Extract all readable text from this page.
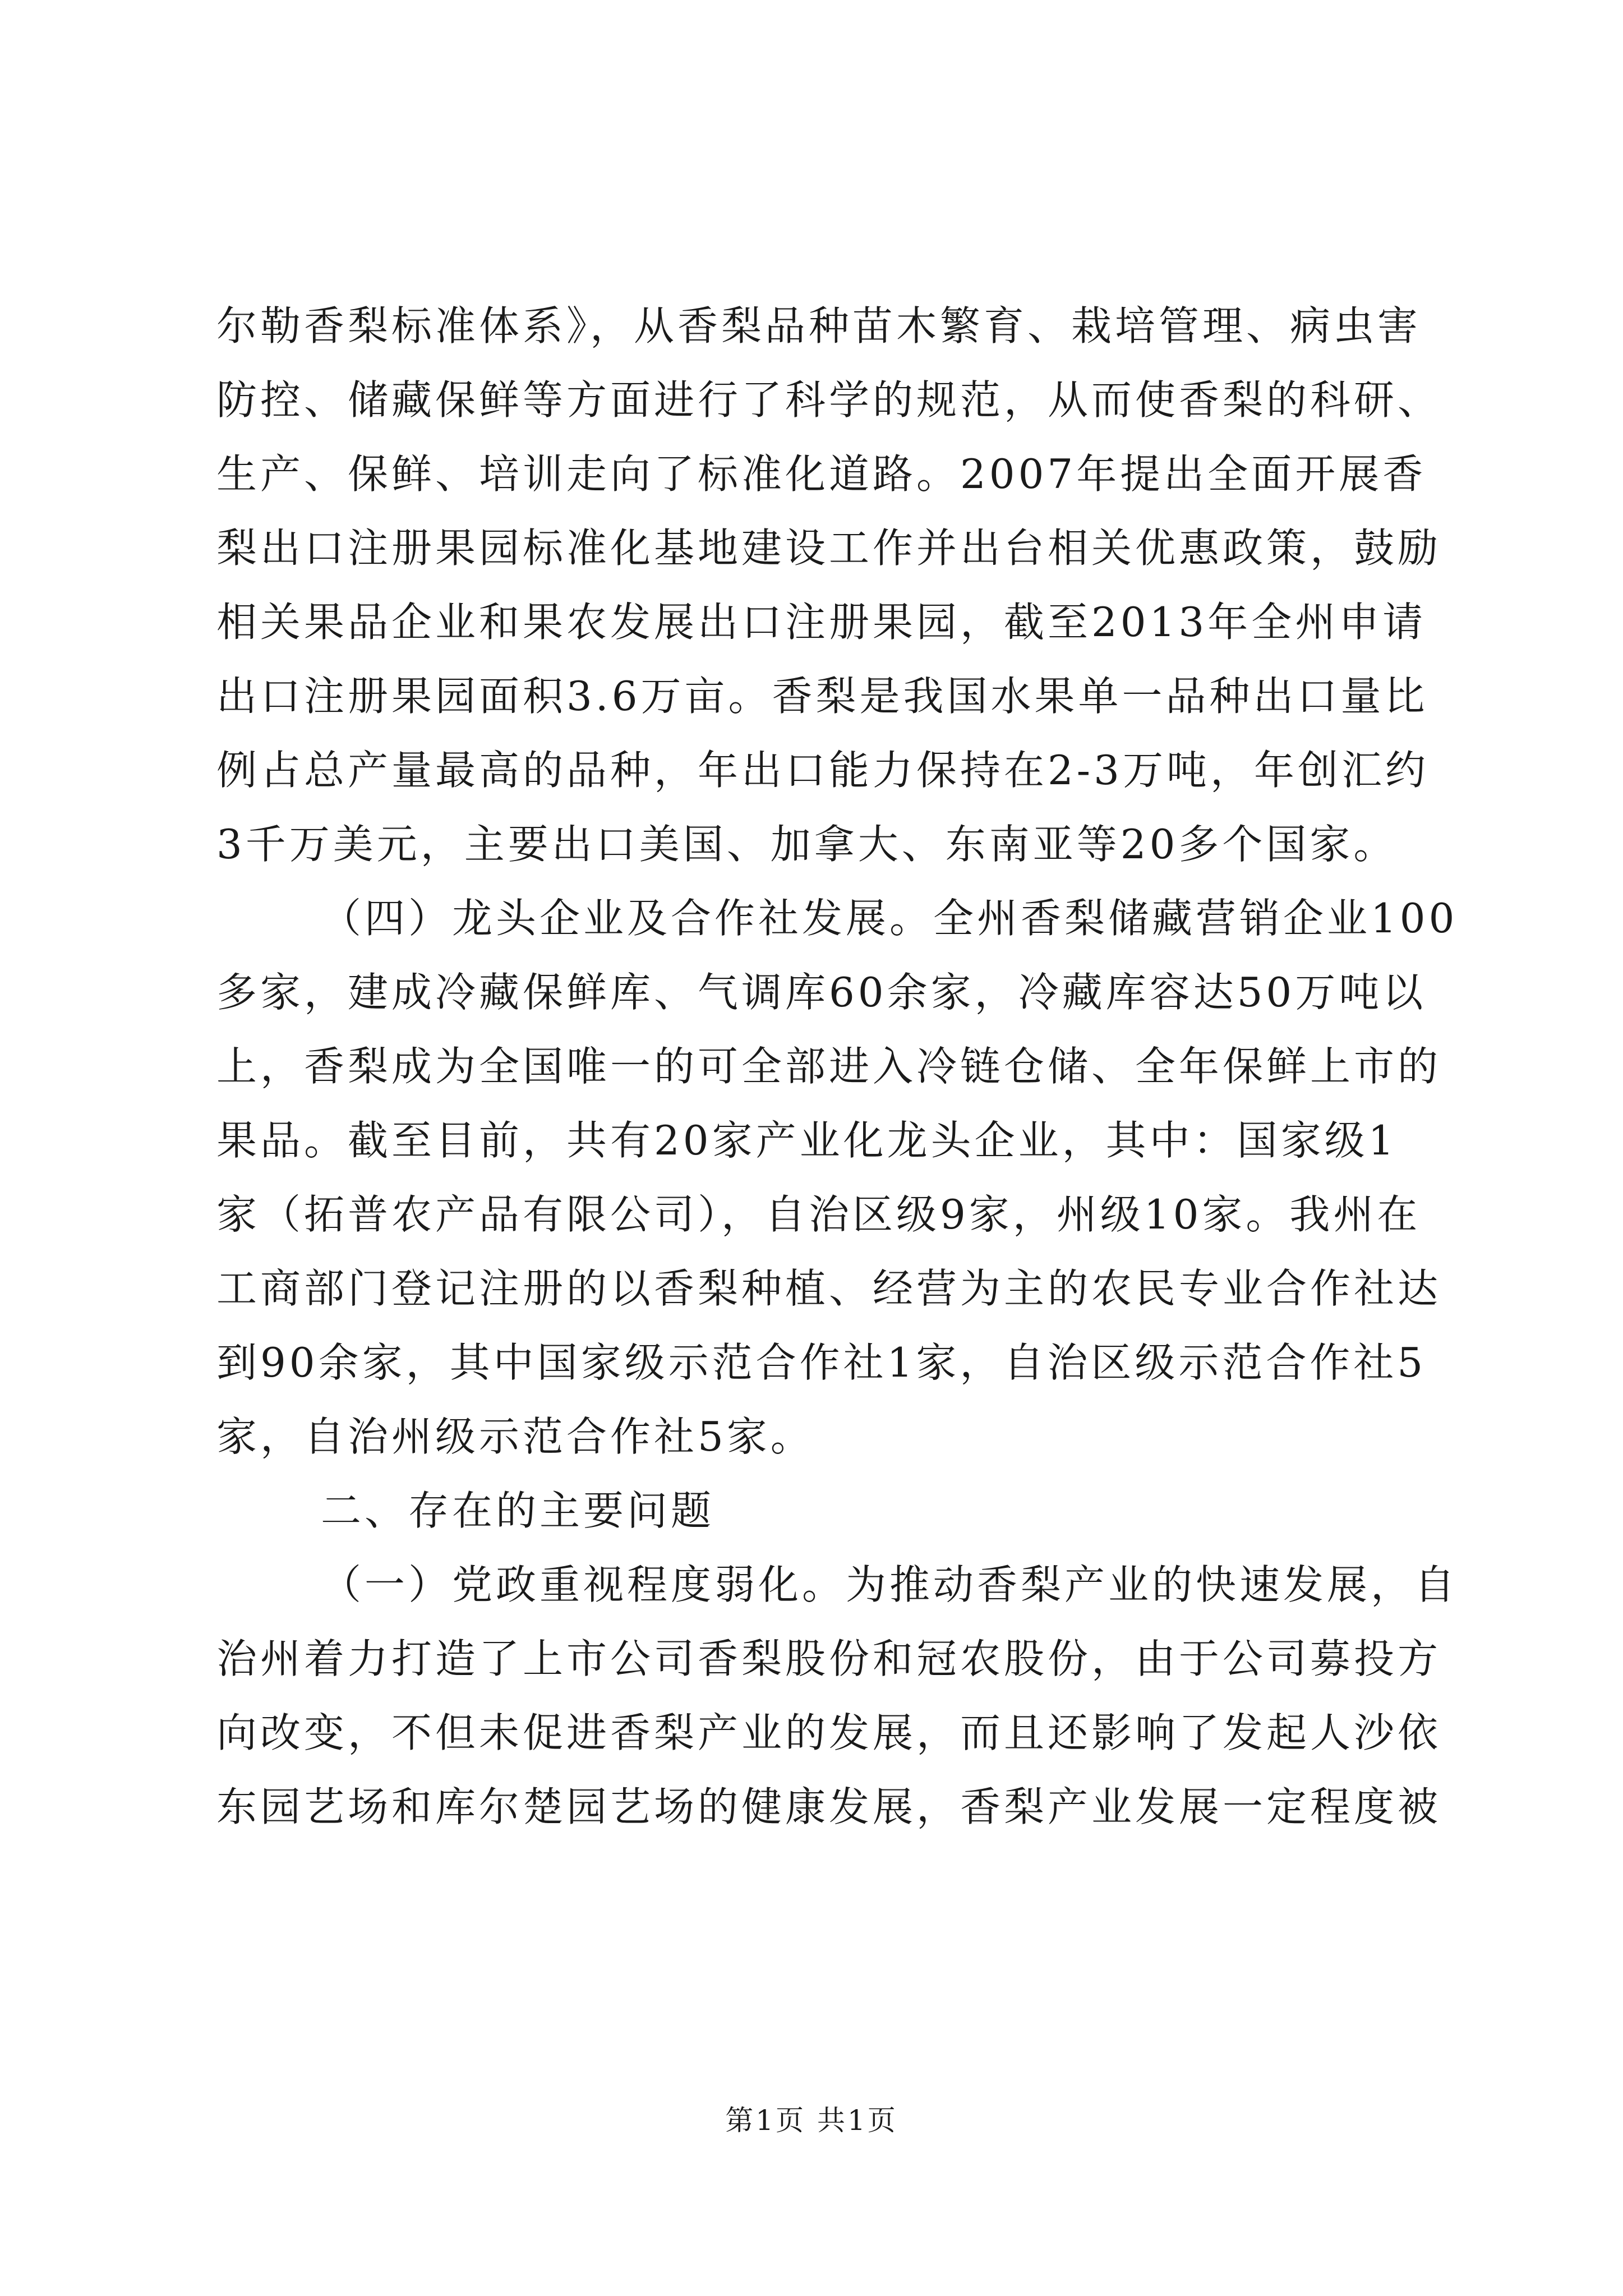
尔勒香梨标准体系》，从香梨品种苗木繁育、栽培管理、病虫害
防控、储藏保鲜等方面进行了科学的规范，从而使香梨的科研、
生产、保鲜、培训走向了标准化道路。2007年提出全面开展香
梨出口注册果园标准化基地建设工作并出台相关优惠政策，鼓励
相关果品企业和果农发展出口注册果园，截至2013年全州申请
出口注册果园面积3.6万亩。香梨是我国水果单一品种出口量比
例占总产量最高的品种，年出口能力保持在2-3万吨，年创汇约
3千万美元，主要出口美国、加拿大、东南亚等20多个国家。
（四）龙头企业及合作社发展。全州香梨储藏营销企业100
多家，建成冷藏保鲜库、气调库60余家，冷藏库容达50万吨以
上，香梨成为全国唯一的可全部进入冷链仓储、全年保鲜上市的
果品。截至目前，共有20家产业化龙头企业，其中：国家级1
家（拓普农产品有限公司），自治区级9家，州级10家。我州在
工商部门登记注册的以香梨种植、经营为主的农民专业合作社达
到90余家，其中国家级示范合作社1家，自治区级示范合作社5
家，自治州级示范合作社5家。
二、存在的主要问题
（一）党政重视程度弱化。为推动香梨产业的快速发展，自
治州着力打造了上市公司香梨股份和冠农股份，由于公司募投方
向改变，不但未促进香梨产业的发展，而且还影响了发起人沙依
东园艺场和库尔楚园艺场的健康发展，香梨产业发展一定程度被
第1页 共1页
